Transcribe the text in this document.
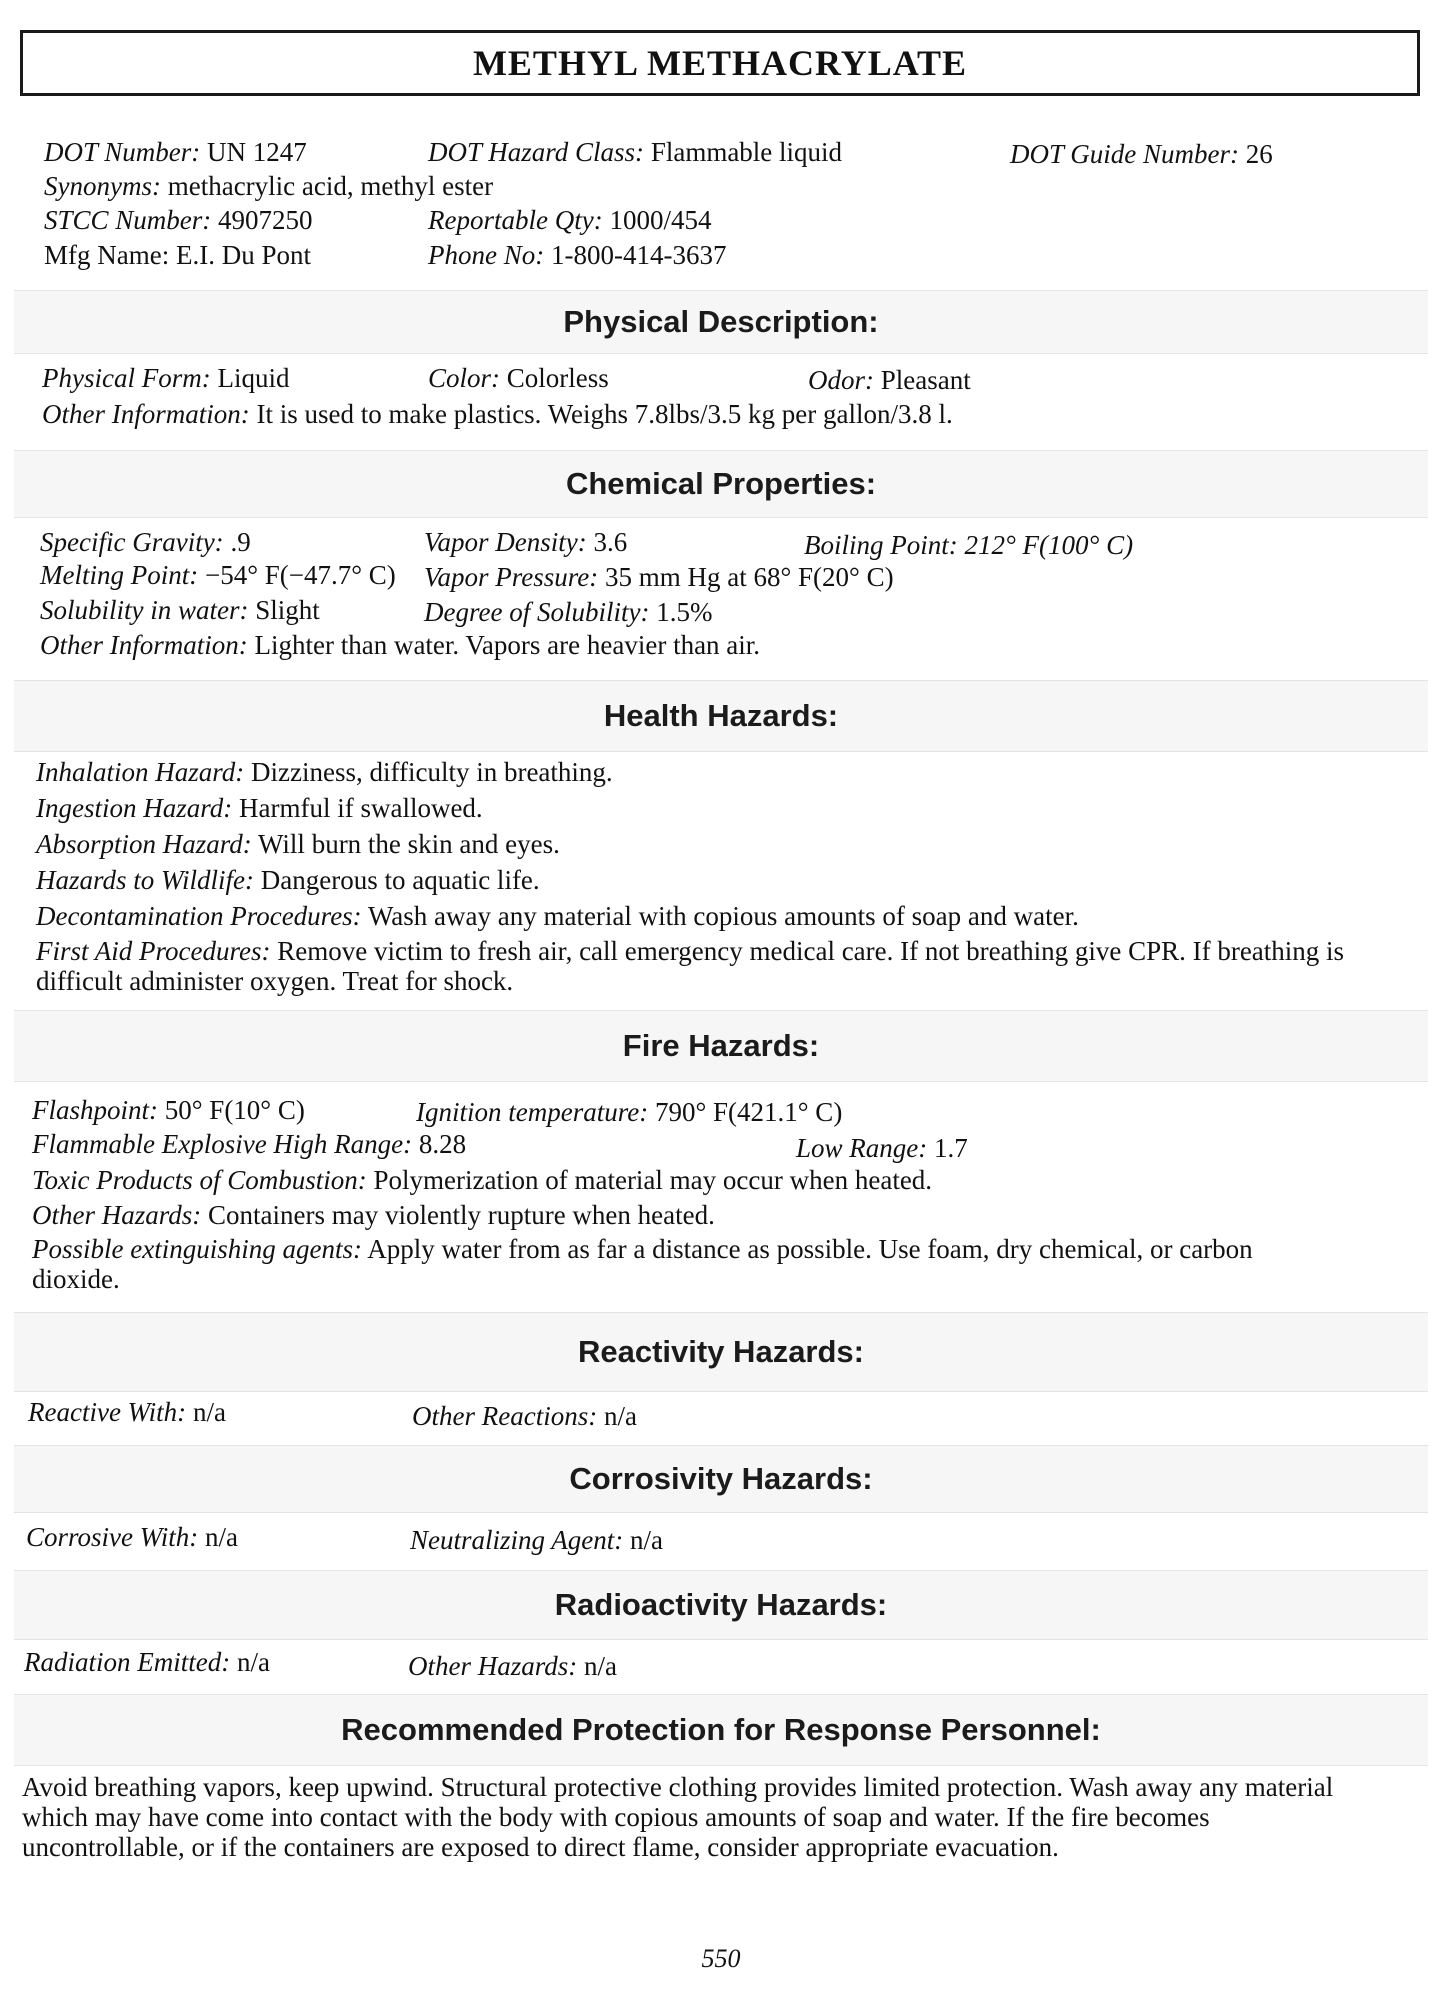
METHYL METHACRYLATE
DOT Number: UN 1247	DOT Hazard Class: Flammable liquid	DOT Guide Number: 26
Synonyms: methacrylic acid, methyl ester
STCC Number: 4907250	Reportable Qty: 1000/454
Mfg Name: E.I. Du Pont	Phone No: 1-800-414-3637
Physical Description:
Physical Form: Liquid	Color: Colorless	Odor: Pleasant
Other Information: It is used to make plastics. Weighs 7.8lbs/3.5 kg per gallon/3.8 l.
Chemical Properties:
Specific Gravity: .9	Vapor Density: 3.6	Boiling Point: 212° F(100° C)
Melting Point: −54° F(−47.7° C) Vapor Pressure: 35 mm Hg at 68° F(20° C)
Solubility in water: Slight	Degree of Solubility: 1.5%
Other Information: Lighter than water. Vapors are heavier than air.
Health Hazards:
Inhalation Hazard: Dizziness, difficulty in breathing.
Ingestion Hazard: Harmful if swallowed.
Absorption Hazard: Will burn the skin and eyes.
Hazards to Wildlife: Dangerous to aquatic life.
Decontamination Procedures: Wash away any material with copious amounts of soap and water.
First Aid Procedures: Remove victim to fresh air, call emergency medical care. If not breathing give CPR. If breathing is difficult administer oxygen. Treat for shock.
Fire Hazards:
Flashpoint: 50° F(10° C)	Ignition temperature: 790° F(421.1° C)
Flammable Explosive High Range: 8.28	Low Range: 1.7
Toxic Products of Combustion: Polymerization of material may occur when heated.
Other Hazards: Containers may violently rupture when heated.
Possible extinguishing agents: Apply water from as far a distance as possible. Use foam, dry chemical, or carbon dioxide.
Reactivity Hazards:
Reactive With: n/a	Other Reactions: n/a
Corrosivity Hazards:
Corrosive With: n/a	Neutralizing Agent: n/a
Radioactivity Hazards:
Radiation Emitted: n/a	Other Hazards: n/a
Recommended Protection for Response Personnel:
Avoid breathing vapors, keep upwind. Structural protective clothing provides limited protection. Wash away any material which may have come into contact with the body with copious amounts of soap and water. If the fire becomes uncontrollable, or if the containers are exposed to direct flame, consider appropriate evacuation.
550
